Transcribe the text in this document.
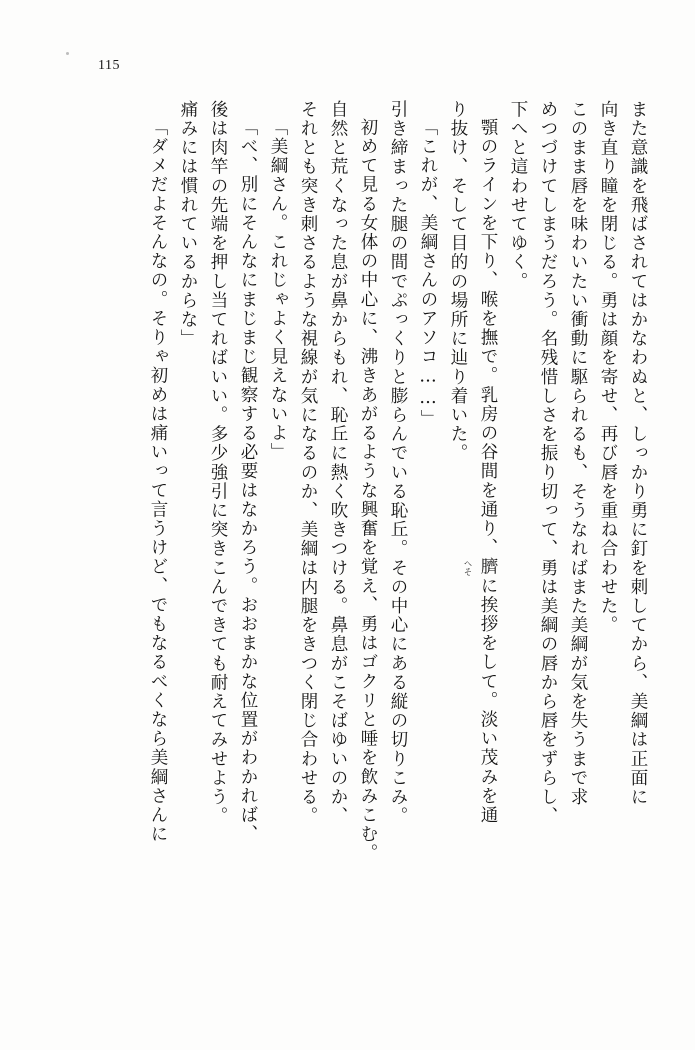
115
また意識を飛ばされてはかなわぬと、しっかり勇に釘を刺してから、美綱は正面に
向き直り瞳を閉じる。勇は顔を寄せ、再び唇を重ね合わせた。
このまま唇を味わいたい衝動に駆られるも、そうなればまた美綱が気を失うまで求
めつづけてしまうだろう。名残惜しさを振り切って、勇は美綱の唇から唇をずらし、
下へと這わせてゆく。
顎のラインを下り、喉を撫で。乳房の谷間を通り、臍
へそ
に挨拶をして。淡い茂みを通
り抜け、そして目的の場所に辿り着いた。
「これが、美綱さんのアソコ……」
引き締まった腿の間でぷっくりと膨らんでいる恥丘。その中心にある縦の切りこみ。
初めて見る女体の中心に、沸きあがるような興奮を覚え、勇はゴクリと唾を飲みこむ。
自然と荒くなった息が鼻からもれ、恥丘に熱く吹きつける。鼻息がこそばゆいのか、
それとも突き刺さるような視線が気になるのか、美綱は内腿をきつく閉じ合わせる。
「美綱さん。これじゃよく見えないよ」
「べ、別にそんなにまじまじ観察する必要はなかろう。おおまかな位置がわかれば、
後は肉竿の先端を押し当てればいい。多少強引に突きこんできても耐えてみせよう。
痛みには慣れているからな」
「ダメだよそんなの。そりゃ初めは痛いって言うけど、でもなるべくなら美綱さんに
